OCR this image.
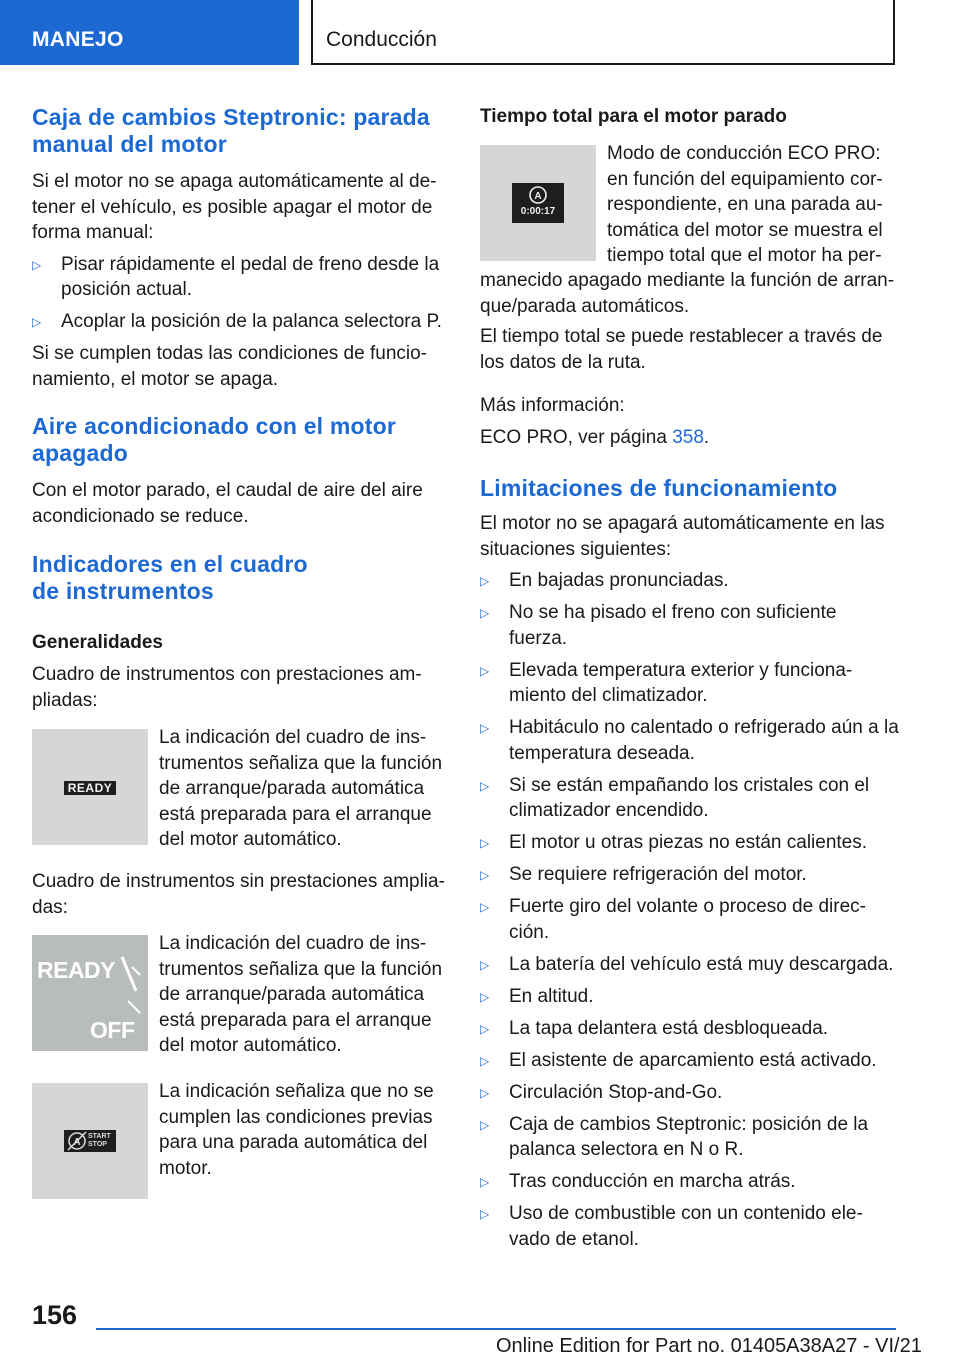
MANEJO	Conducción
Caja de cambios Steptronic: parada
manual del motor

Si el motor no se apaga automáticamente al de‐
tener el vehículo, es posible apagar el motor de
forma manual:

▷ Pisar rápidamente el pedal de freno desde la
posición actual.
▷ Acoplar la posición de la palanca selectora P.

Si se cumplen todas las condiciones de funcio‐
namiento, el motor se apaga.

Aire acondicionado con el motor
apagado

Con el motor parado, el caudal de aire del aire
acondicionado se reduce.

Indicadores en el cuadro
de instrumentos
Generalidades

Cuadro de instrumentos con prestaciones am‐
pliadas:

READY

La indicación del cuadro de ins‐
trumentos señaliza que la función
de arranque/parada automática
está preparada para el arranque
del motor automático.

Cuadro de instrumentos sin prestaciones amplia‐
das:

READY
OFF

La indicación del cuadro de ins‐
trumentos señaliza que la función
de arranque/parada automática
está preparada para el arranque
del motor automático.

A
START
STOP

La indicación señaliza que no se
cumplen las condiciones previas
para una parada automática del
motor.

Tiempo total para el motor parado
A
0:00:17

Modo de conducción ECO PRO:
en función del equipamiento cor‐
respondiente, en una parada au‐
tomática del motor se muestra el
tiempo total que el motor ha per‐

manecido apagado mediante la función de arran‐
que/parada automáticos.

El tiempo total se puede restablecer a través de
los datos de la ruta.

Más información:

ECO PRO, ver página 358.

Limitaciones de funcionamiento

El motor no se apagará automáticamente en las
situaciones siguientes:

▷ En bajadas pronunciadas.
▷ No se ha pisado el freno con suficiente
fuerza.
▷ Elevada temperatura exterior y funciona‐
miento del climatizador.
▷ Habitáculo no calentado o refrigerado aún a la
temperatura deseada.
▷ Si se están empañando los cristales con el
climatizador encendido.
▷ El motor u otras piezas no están calientes.
▷ Se requiere refrigeración del motor.
▷ Fuerte giro del volante o proceso de direc‐
ción.
▷ La batería del vehículo está muy descargada.
▷ En altitud.
▷ La tapa delantera está desbloqueada.
▷ El asistente de aparcamiento está activado.
▷ Circulación Stop-and-Go.
▷ Caja de cambios Steptronic: posición de la
palanca selectora en N o R.
▷ Tras conducción en marcha atrás.
▷ Uso de combustible con un contenido ele‐
vado de etanol.
156
Online Edition for Part no. 01405A38A27 - VI/21
